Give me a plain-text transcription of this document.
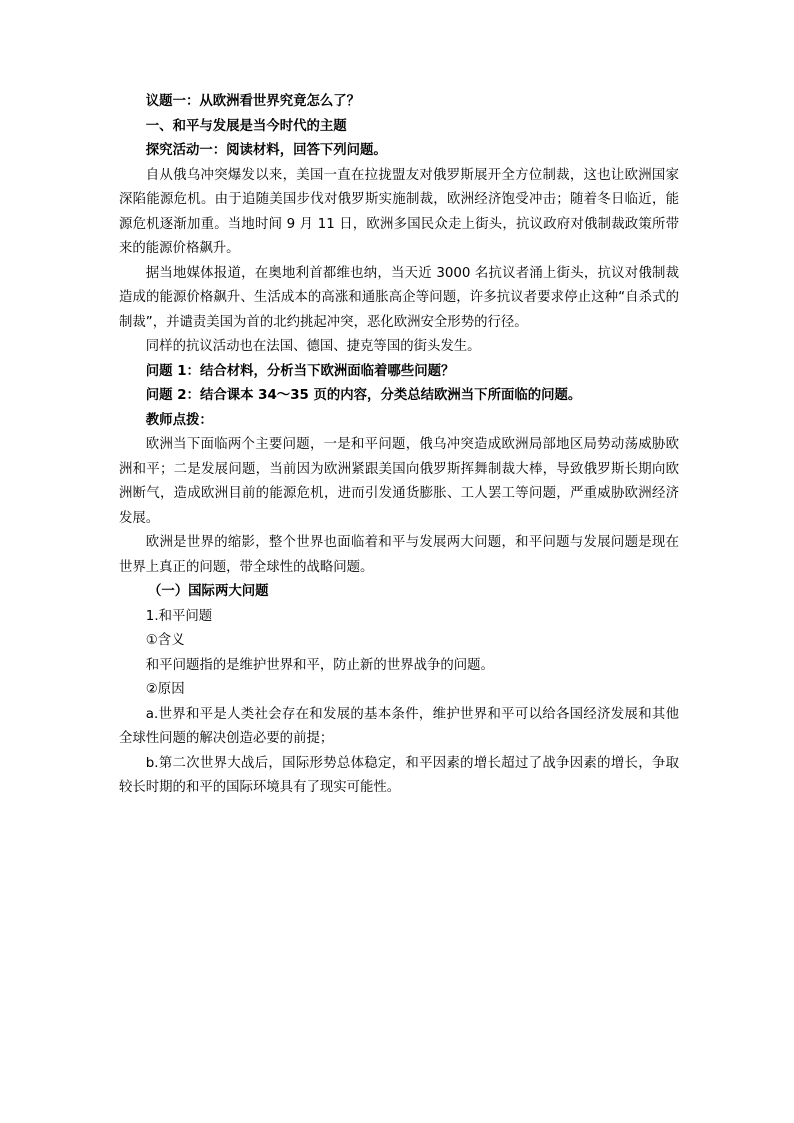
议题一：从欧洲看世界究竟怎么了？
一、和平与发展是当今时代的主题
探究活动一：阅读材料，回答下列问题。

自从俄乌冲突爆发以来，美国一直在拉拢盟友对俄罗斯展开全方位制裁，这也让欧洲国家深陷能源危机。由于追随美国步伐对俄罗斯实施制裁，欧洲经济饱受冲击；随着冬日临近，能源危机逐渐加重。当地时间 9 月 11 日，欧洲多国民众走上街头，抗议政府对俄制裁政策所带来的能源价格飙升。

据当地媒体报道，在奥地利首都维也纳，当天近 3000 名抗议者涌上街头，抗议对俄制裁造成的能源价格飙升、生活成本的高涨和通胀高企等问题，许多抗议者要求停止这种“自杀式的制裁”，并谴责美国为首的北约挑起冲突，恶化欧洲安全形势的行径。

同样的抗议活动也在法国、德国、捷克等国的街头发生。

问题 1：结合材料，分析当下欧洲面临着哪些问题？
问题 2：结合课本 34～35 页的内容，分类总结欧洲当下所面临的问题。
教师点拨：

欧洲当下面临两个主要问题，一是和平问题，俄乌冲突造成欧洲局部地区局势动荡威胁欧洲和平；二是发展问题，当前因为欧洲紧跟美国向俄罗斯挥舞制裁大棒，导致俄罗斯长期向欧洲断气，造成欧洲目前的能源危机，进而引发通货膨胀、工人罢工等问题，严重威胁欧洲经济发展。

欧洲是世界的缩影，整个世界也面临着和平与发展两大问题，和平问题与发展问题是现在世界上真正的问题，带全球性的战略问题。

（一）国际两大问题
1.和平问题
①含义
和平问题指的是维护世界和平，防止新的世界战争的问题。
②原因

a.世界和平是人类社会存在和发展的基本条件，维护世界和平可以给各国经济发展和其他全球性问题的解决创造必要的前提；

b.第二次世界大战后，国际形势总体稳定，和平因素的增长超过了战争因素的增长，争取较长时期的和平的国际环境具有了现实可能性。
